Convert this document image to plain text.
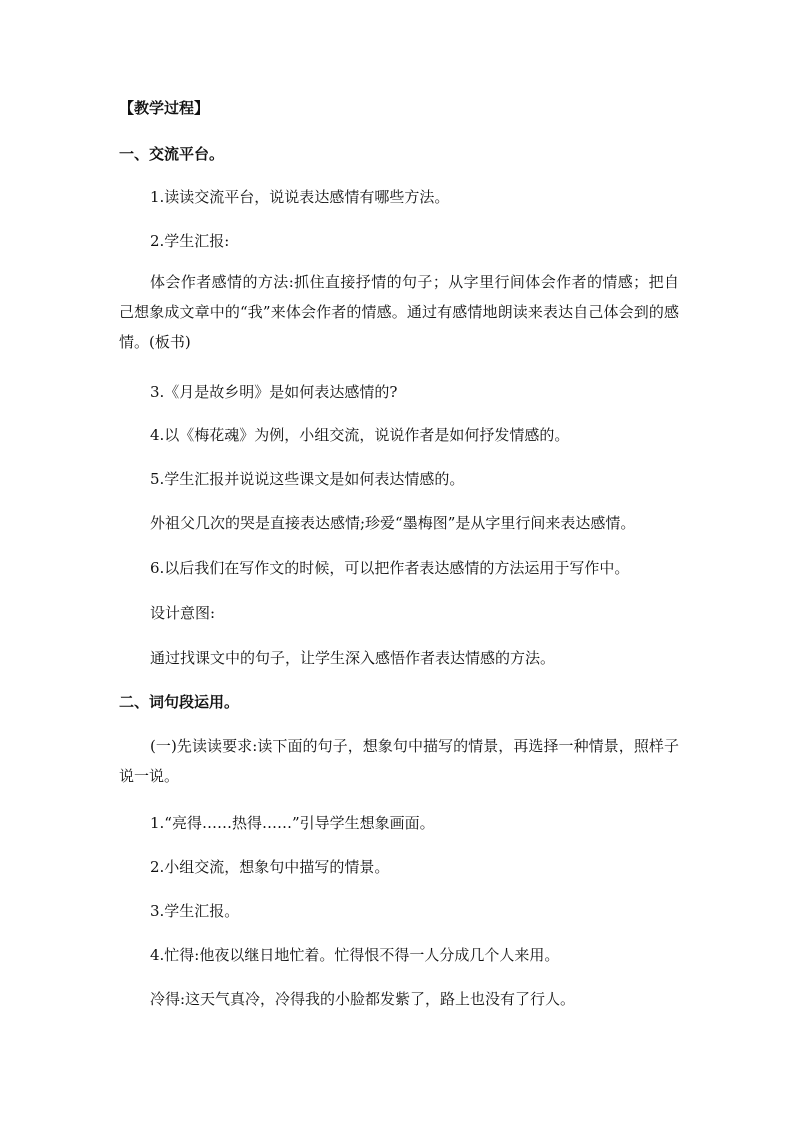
【教学过程】
一、交流平台。
1.读读交流平台，说说表达感情有哪些方法。
2.学生汇报:
体会作者感情的方法:抓住直接抒情的句子；从字里行间体会作者的情感；把自己想象成文章中的“我”来体会作者的情感。通过有感情地朗读来表达自己体会到的感情。(板书)
3.《月是故乡明》是如何表达感情的?
4.以《梅花魂》为例，小组交流，说说作者是如何抒发情感的。
5.学生汇报并说说这些课文是如何表达情感的。
外祖父几次的哭是直接表达感情;珍爱“墨梅图”是从字里行间来表达感情。
6.以后我们在写作文的时候，可以把作者表达感情的方法运用于写作中。
设计意图:
通过找课文中的句子，让学生深入感悟作者表达情感的方法。
二、词句段运用。
(一)先读读要求:读下面的句子，想象句中描写的情景，再选择一种情景，照样子说一说。
1.“亮得……热得……”引导学生想象画面。
2.小组交流，想象句中描写的情景。
3.学生汇报。
4.忙得:他夜以继日地忙着。忙得恨不得一人分成几个人来用。
冷得:这天气真冷，冷得我的小脸都发紫了，路上也没有了行人。
